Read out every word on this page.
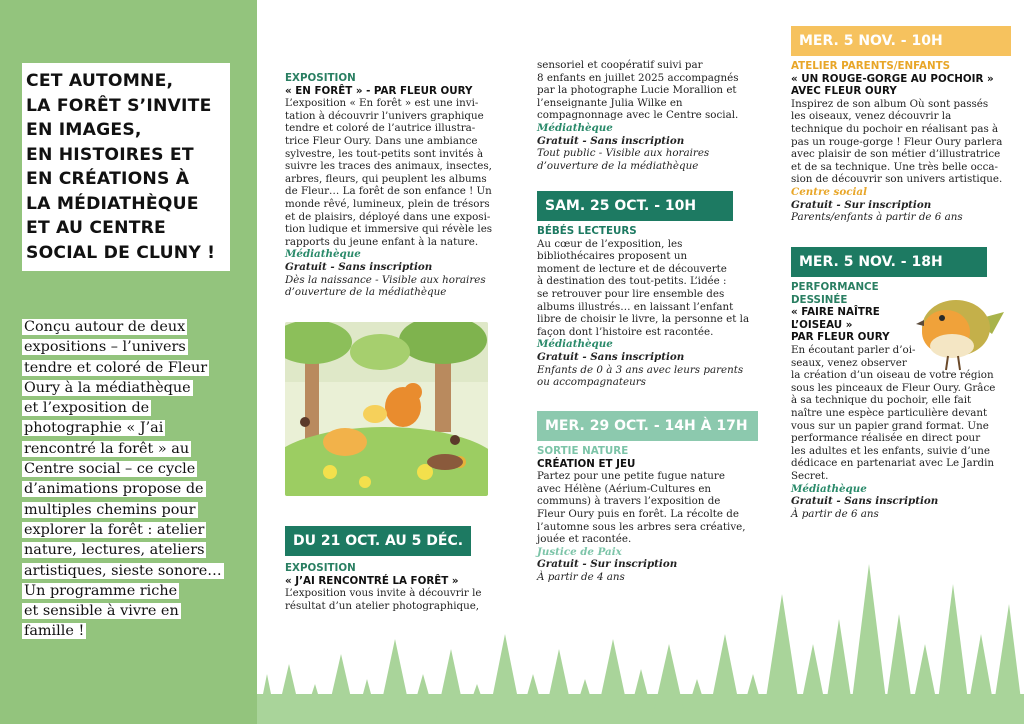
CET AUTOMNE,
LA FORÊT S’INVITE
EN IMAGES,
EN HISTOIRES ET
EN CRÉATIONS À
LA MÉDIATHÈQUE
ET AU CENTRE
SOCIAL DE CLUNY !
Conçu autour de deux
expositions – l’univers
tendre et coloré de Fleur
Oury à la médiathèque
et l’exposition de
photographie « J’ai
rencontré la forêt » au
Centre social – ce cycle
d’animations propose de
multiples chemins pour
explorer la forêt : atelier
nature, lectures, ateliers
artistiques, sieste sonore…
Un programme riche
et sensible à vivre en
famille !

EXPOSITION

« EN FORÊT » - PAR FLEUR OURY

L’exposition « En forêt » est une invi-

tation à découvrir l’univers graphique

tendre et coloré de l’autrice illustra-

trice Fleur Oury. Dans une ambiance

sylvestre, les tout-petits sont invités à

suivre les traces des animaux, insectes,

arbres, fleurs, qui peuplent les albums

de Fleur… La forêt de son enfance ! Un

monde rêvé, lumineux, plein de trésors

et de plaisirs, déployé dans une exposi-

tion ludique et immersive qui révèle les

rapports du jeune enfant à la nature.

Médiathèque

Gratuit - Sans inscription

Dès la naissance - Visible aux horaires

d’ouverture de la médiathèque

DU 21 OCT. AU 5 DÉC.

EXPOSITION

« J’AI RENCONTRÉ LA FORÊT »

L’exposition vous invite à découvrir le

résultat d’un atelier photographique,

sensoriel et coopératif suivi par

8 enfants en juillet 2025 accompagnés

par la photographe Lucie Morallion et

l’enseignante Julia Wilke en

compagnonnage avec le Centre social.

Médiathèque

Gratuit - Sans inscription

Tout public - Visible aux horaires

d’ouverture de la médiathèque

SAM. 25 OCT. - 10H

BÉBÉS LECTEURS

Au cœur de l’exposition, les

bibliothécaires proposent un

moment de lecture et de découverte

à destination des tout-petits. L’idée :

se retrouver pour lire ensemble des

albums illustrés… en laissant l’enfant

libre de choisir le livre, la personne et la

façon dont l’histoire est racontée.

Médiathèque

Gratuit - Sans inscription

Enfants de 0 à 3 ans avec leurs parents

ou accompagnateurs

MER. 29 OCT. - 14H À 17H

SORTIE NATURE

CRÉATION ET JEU

Partez pour une petite fugue nature

avec Hélène (Aérium-Cultures en

communs) à travers l’exposition de

Fleur Oury puis en forêt. La récolte de

l’automne sous les arbres sera créative,

jouée et racontée.

Justice de Paix

Gratuit - Sur inscription

À partir de 4 ans

MER. 5 NOV. - 10H

ATELIER PARENTS/ENFANTS

« UN ROUGE-GORGE AU POCHOIR »

AVEC FLEUR OURY

Inspirez de son album Où sont passés

les oiseaux, venez découvrir la

technique du pochoir en réalisant pas à

pas un rouge-gorge ! Fleur Oury parlera

avec plaisir de son métier d’illustratrice

et de sa technique. Une très belle occa-

sion de découvrir son univers artistique.

Centre social

Gratuit - Sur inscription

Parents/enfants à partir de 6 ans

MER. 5 NOV. - 18H

PERFORMANCE

DESSINÉE

« FAIRE NAÎTRE

L’OISEAU »

PAR FLEUR OURY

En écoutant parler d’oi-

seaux, venez observer

la création d’un oiseau de votre région

sous les pinceaux de Fleur Oury. Grâce

à sa technique du pochoir, elle fait

naître une espèce particulière devant

vous sur un papier grand format. Une

performance réalisée en direct pour

les adultes et les enfants, suivie d’une

dédicace en partenariat avec Le Jardin

Secret.

Médiathèque

Gratuit - Sans inscription

À partir de 6 ans
